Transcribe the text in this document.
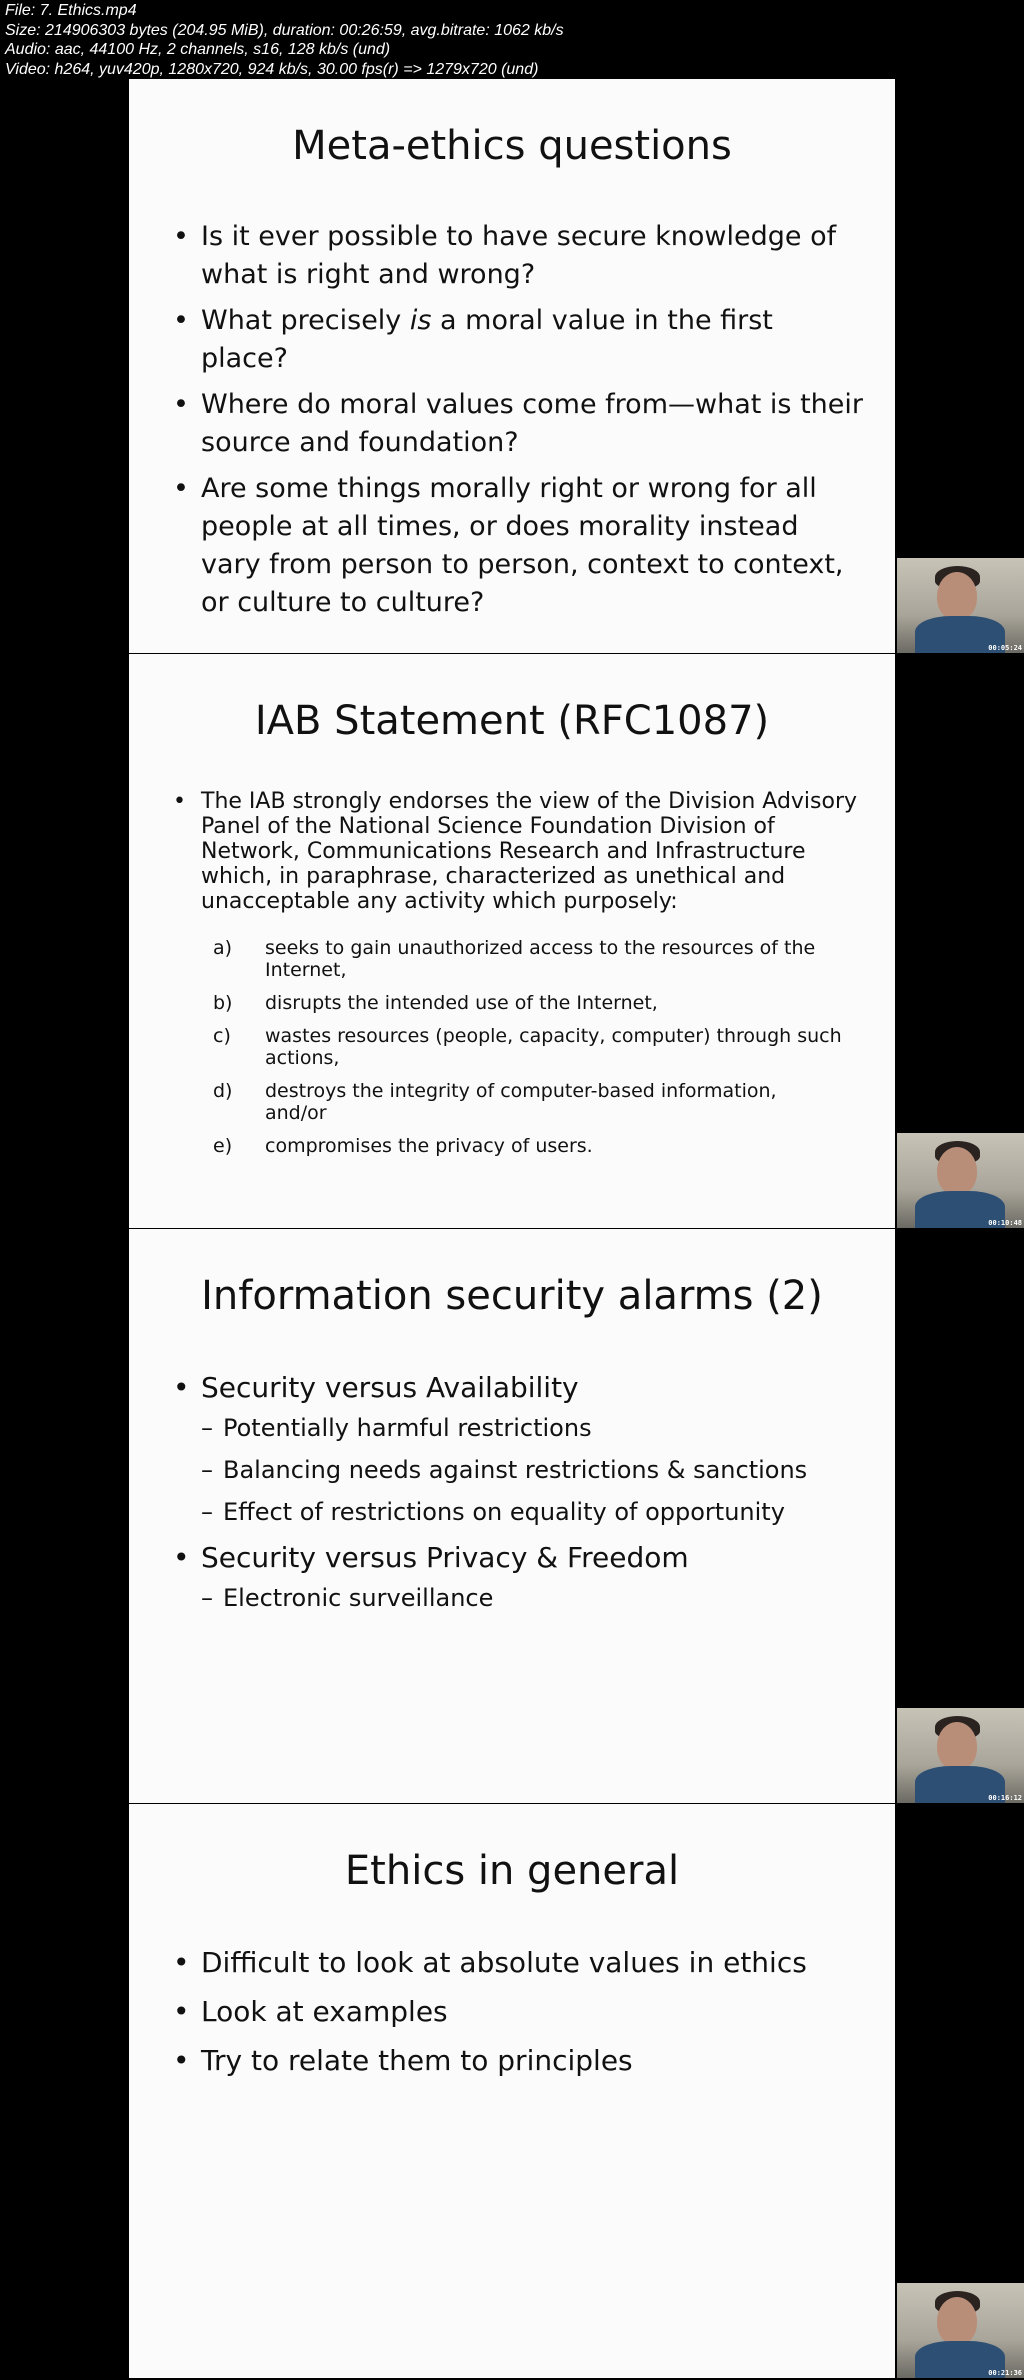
File: 7. Ethics.mp4
Size: 214906303 bytes (204.95 MiB), duration: 00:26:59, avg.bitrate: 1062 kb/s
Audio: aac, 44100 Hz, 2 channels, s16, 128 kb/s (und)
Video: h264, yuv420p, 1280x720, 924 kb/s, 30.00 fps(r) => 1279x720 (und)
Meta-ethics questions
• Is it ever possible to have secure knowledge of what is right and wrong?
• What precisely is a moral value in the first place?
• Where do moral values come from—what is their source and foundation?
• Are some things morally right or wrong for all people at all times, or does morality instead vary from person to person, context to context, or culture to culture?
00:05:24
IAB Statement (RFC1087)
• The IAB strongly endorses the view of the Division Advisory Panel of the National Science Foundation Division of Network, Communications Research and Infrastructure which, in paraphrase, characterized as unethical and unacceptable any activity which purposely:
a) seeks to gain unauthorized access to the resources of the Internet,
b) disrupts the intended use of the Internet,
c) wastes resources (people, capacity, computer) through such actions,
d) destroys the integrity of computer-based information, and/or
e) compromises the privacy of users.
00:10:48
Information security alarms (2)
• Security versus Availability
– Potentially harmful restrictions
– Balancing needs against restrictions & sanctions
– Effect of restrictions on equality of opportunity
• Security versus Privacy & Freedom
– Electronic surveillance
00:16:12
Ethics in general
• Difficult to look at absolute values in ethics
• Look at examples
• Try to relate them to principles
00:21:36
